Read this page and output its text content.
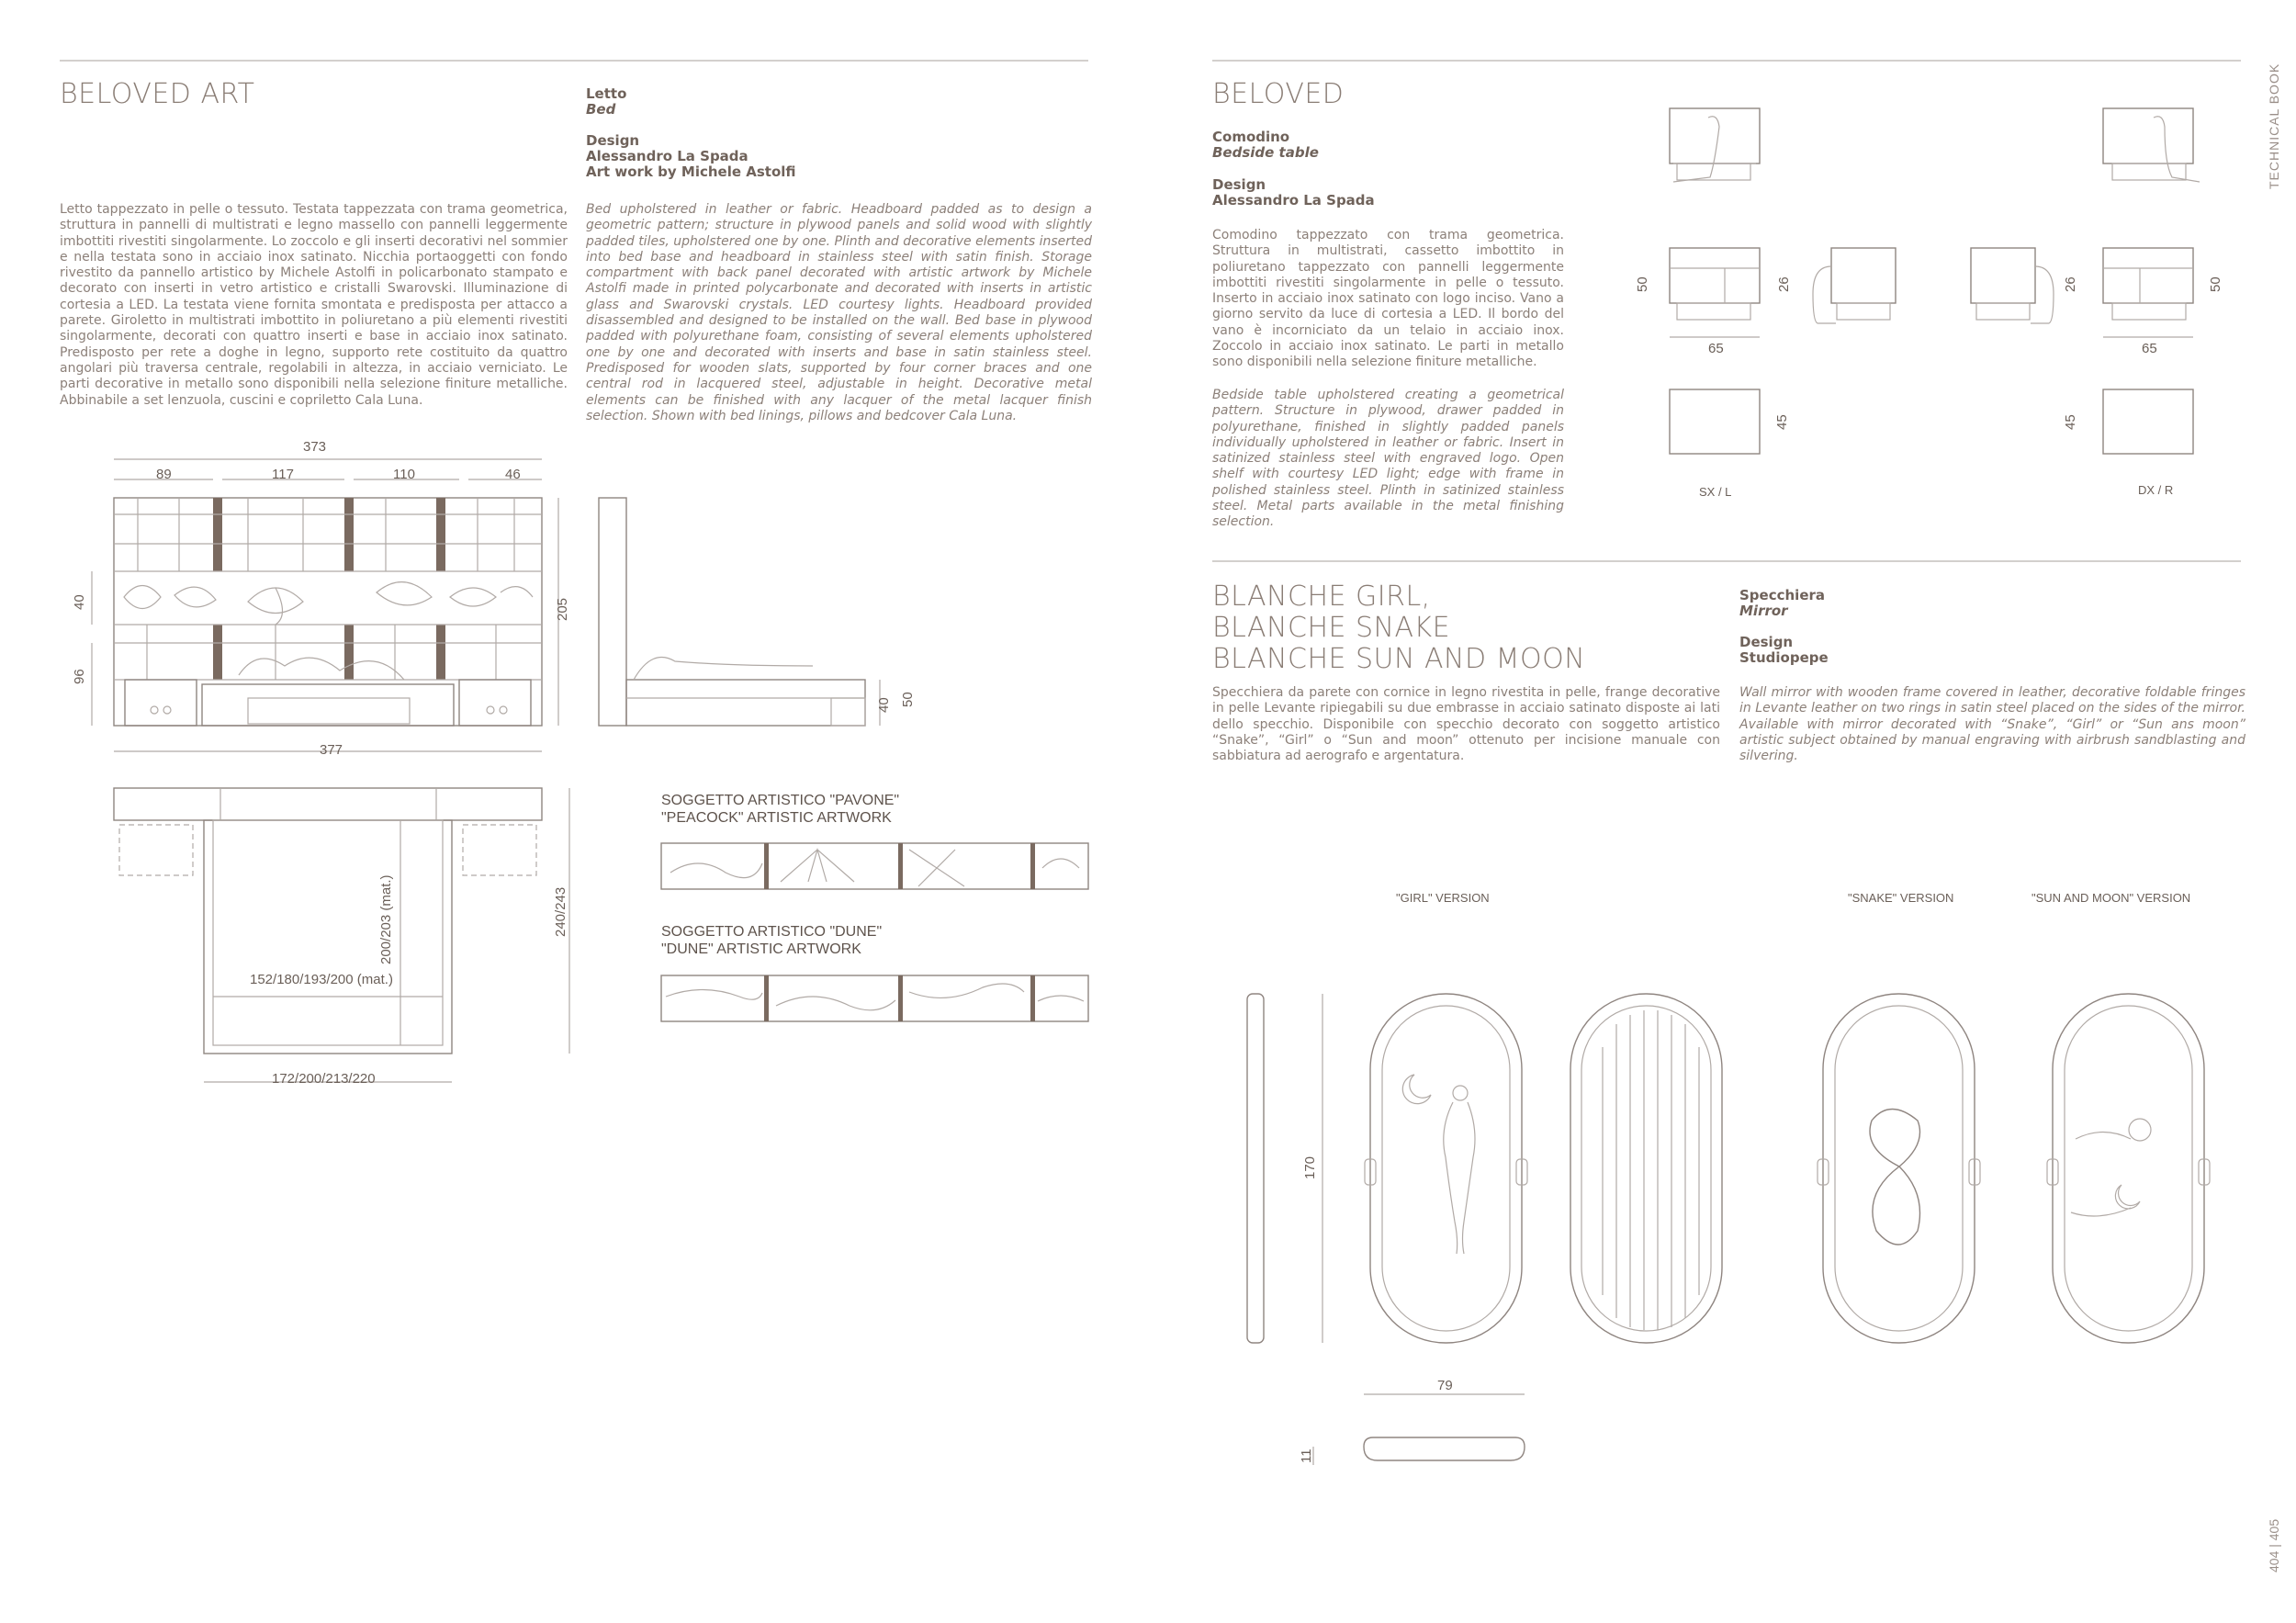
TECHNICAL BOOK
404 | 405
BELOVED ART	Letto
Bed
Design
Alessandro La Spada
Art work by Michele Astolfi
Letto tappezzato in pelle o tessuto. Testata tappezzata con trama geometrica, struttura in pannelli di multistrati e legno massello con pannelli leggermente imbottiti rivestiti singolarmente. Lo zoccolo e gli inserti decorativi nel sommier e nella testata sono in acciaio inox satinato. Nicchia portaoggetti con fondo rivestito da pannello artistico by Michele Astolfi in policarbonato stampato e decorato con inserti in vetro artistico e cristalli Swarovski. Illuminazione di cortesia a LED. La testata viene fornita smontata e predisposta per attacco a parete. Giroletto in multistrati imbottito in poliuretano a più elementi rivestiti singolarmente, decorati con quattro inserti e base in acciaio inox satinato. Predisposto per rete a doghe in legno, supporto rete costituito da quattro angolari più traversa centrale, regolabili in altezza, in acciaio verniciato. Le parti decorative in metallo sono disponibili nella selezione finiture metalliche. Abbinabile a set lenzuola, cuscini e copriletto Cala Luna.
Bed upholstered in leather or fabric. Headboard padded as to design a geometric pattern; structure in plywood panels and solid wood with slightly padded tiles, upholstered one by one. Plinth and decorative elements inserted into bed base and headboard in stainless steel with satin finish. Storage compartment with back panel decorated with artistic artwork by Michele Astolfi made in printed polycarbonate and decorated with inserts in artistic glass and Swarovski crystals. LED courtesy lights. Headboard provided disassembled and designed to be installed on the wall. Bed base in plywood padded with polyurethane foam, consisting of several elements upholstered one by one and decorated with inserts and base in satin stainless steel. Predisposed for wooden slats, supported by four corner braces and one central rod in lacquered steel, adjustable in height. Decorative metal elements can be finished with any lacquer of the metal lacquer finish selection. Shown with bed linings, pillows and bedcover Cala Luna.
373
89	117	110	46
40
96
205
377
40 50
200/203 (mat.)
152/180/193/200 (mat.)
172/200/213/220
240/243
SOGGETTO ARTISTICO "PAVONE"
"PEACOCK" ARTISTIC ARTWORK
SOGGETTO ARTISTICO "DUNE"
"DUNE" ARTISTIC ARTWORK
BELOVED
Comodino
Bedside table
Design
Alessandro La Spada
Comodino tappezzato con trama geometrica. Struttura in multistrati, cassetto imbottito in poliuretano tappezzato con pannelli leggermente imbottiti rivestiti singolarmente in pelle o tessuto. Inserto in acciaio inox satinato con logo inciso. Vano a giorno servito da luce di cortesia a LED. Il bordo del vano è incorniciato da un telaio in acciaio inox. Zoccolo in acciaio inox satinato. Le parti in metallo sono disponibili nella selezione finiture metalliche.
Bedside table upholstered creating a geometrical pattern. Structure in plywood, drawer padded in polyurethane, finished in slightly padded panels individually upholstered in leather or fabric. Insert in satinized stainless steel with engraved logo. Open shelf with courtesy LED light; edge with frame in polished stainless steel. Plinth in satinized stainless steel. Metal parts available in the metal finishing selection.
50	26	26	50
65	65
45	45
SX / L	DX / R
BLANCHE GIRL,
BLANCHE SNAKE
BLANCHE SUN AND MOON
Specchiera
Mirror
Design
Studiopepe
Specchiera da parete con cornice in legno rivestita in pelle, frange decorative in pelle Levante ripiegabili su due embrasse in acciaio satinato disposte ai lati dello specchio. Disponibile con specchio decorato con soggetto artistico “Snake”, “Girl” o “Sun and moon” ottenuto per incisione manuale con sabbiatura ad aerografo e argentatura.
Wall mirror with wooden frame covered in leather, decorative foldable fringes in Levante leather on two rings in satin steel placed on the sides of the mirror. Available with mirror decorated with “Snake”, “Girl” or “Sun ans moon” artistic subject obtained by manual engraving with airbrush sandblasting and silvering.
"GIRL" VERSION	"SNAKE" VERSION	"SUN AND MOON" VERSION
170
79
11
